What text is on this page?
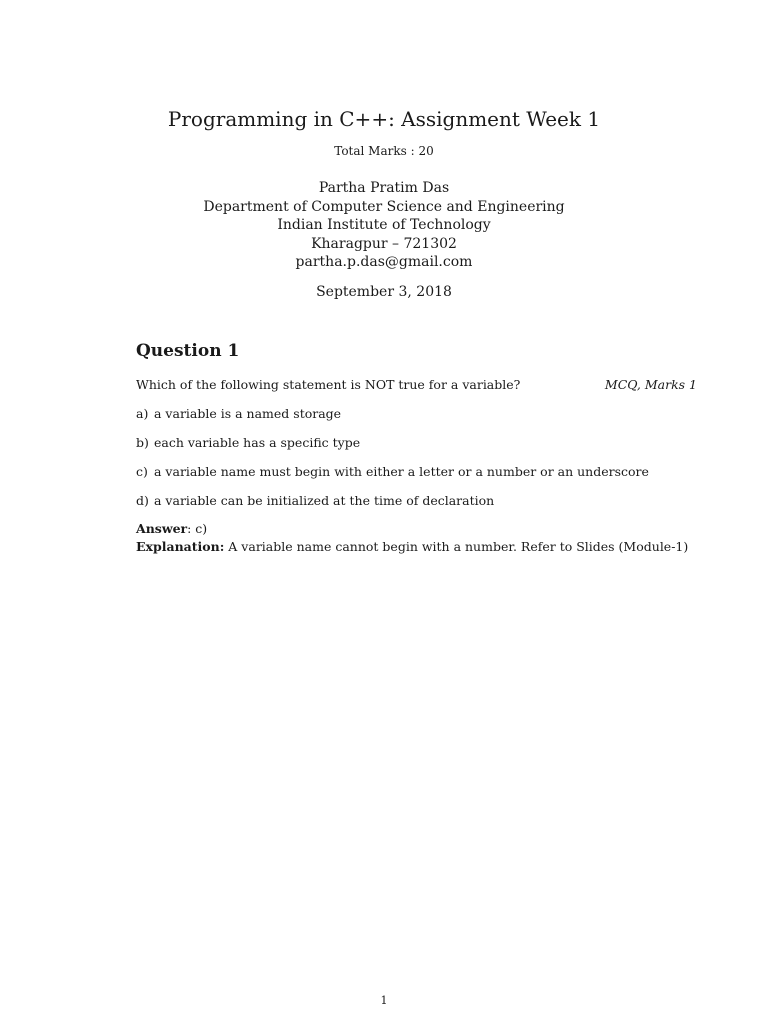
Programming in C++: Assignment Week 1
Total Marks : 20
Partha Pratim Das
Department of Computer Science and Engineering
Indian Institute of Technology
Kharagpur – 721302
partha.p.das@gmail.com
September 3, 2018
Question 1
Which of the following statement is NOT true for a variable?	MCQ, Marks 1
a) a variable is a named storage
b) each variable has a specific type
c) a variable name must begin with either a letter or a number or an underscore
d) a variable can be initialized at the time of declaration
Answer: c)
Explanation: A variable name cannot begin with a number. Refer to Slides (Module-1)
1
